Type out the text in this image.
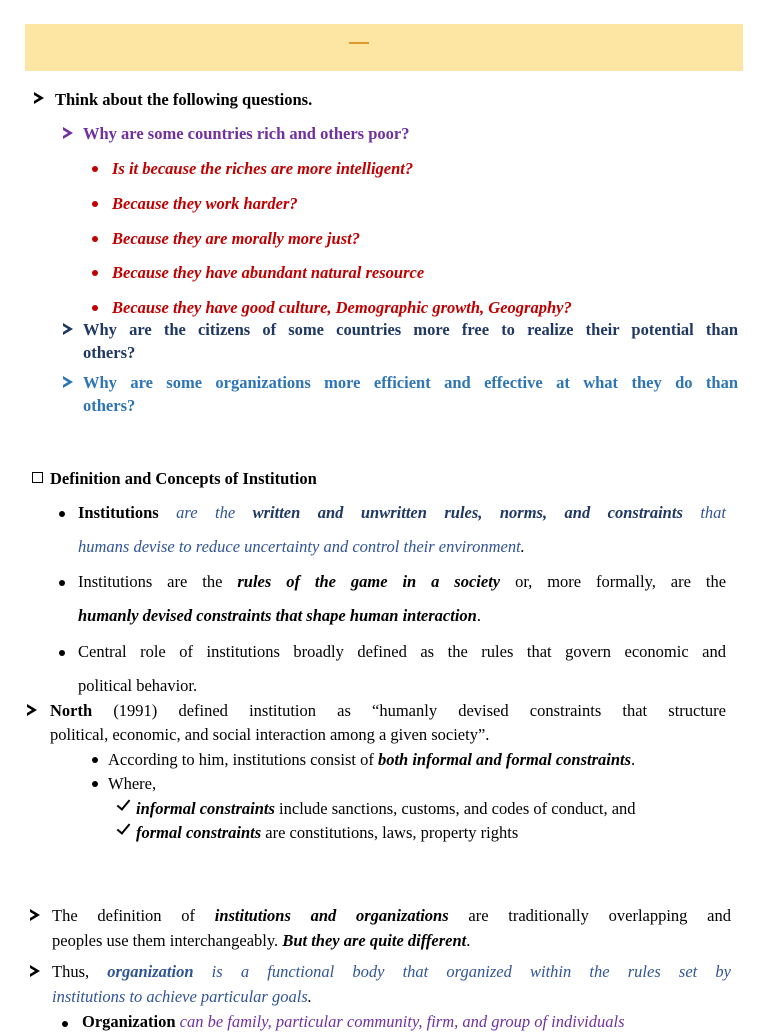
Think about the following questions.
Why are some countries rich and others poor?
Is it because the riches are more intelligent?
Because they work harder?
Because they are morally more just?
Because they have abundant natural resource
Because they have good culture, Demographic growth, Geography?
Why are the citizens of some countries more free to realize their potential than
others?
Why are some organizations more efficient and effective at what they do than
others?
Definition and Concepts of Institution
Institutions are the written and unwritten rules, norms, and constraints that
humans devise to reduce uncertainty and control their environment.
Institutions are the rules of the game in a society or, more formally, are the
humanly devised constraints that shape human interaction.
Central role of institutions broadly defined as the rules that govern economic and
political behavior.
North (1991) defined institution as “humanly devised constraints that structure
political, economic, and social interaction among a given society”.
According to him, institutions consist of both informal and formal constraints.
Where,
informal constraints include sanctions, customs, and codes of conduct, and
formal constraints are constitutions, laws, property rights
The definition of institutions and organizations are traditionally overlapping and
peoples use them interchangeably. But they are quite different.
Thus, organization is a functional body that organized within the rules set by
institutions to achieve particular goals.
Organization can be family, particular community, firm, and group of individuals
